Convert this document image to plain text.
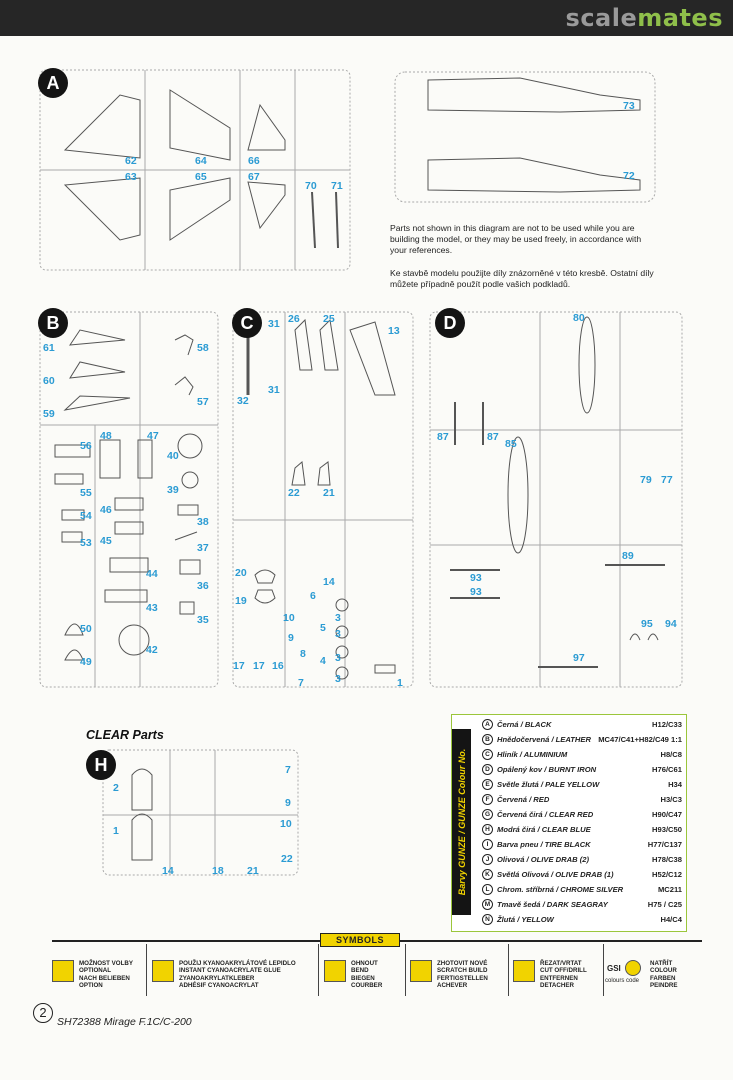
scalemates
A
B	C	D
H
62
63
64
65
66
67
70 71
73
72
Parts not shown in this diagram are not to be used while you are building the model, or they may be used freely, in accordance with your references.
Ke stavbě modelu použijte díly znázorněné v této kresbě. Ostatní díly můžete případně použít podle vašich podkladů.
61
60
59
58
57
56
48	47
40
55	39
54 46
38
53 45
37
44
36
43
35
50
42
49
31 26 25
13
31
32
22 21
20
14
19	6
10
5
9
8
4
3
3
3
3
17 17 16
7	1
80
87	87
85
79 77
89
93
93
95 94
97
CLEAR Parts
7
2
9
10
1
14	18 21
22	Barvy GUNZE / GUNZE Colour No.
A Černá / BLACK	H12/C33
B Hnědočervená / LEATHER MC47/C41+H82/C49 1:1
C Hliník / ALUMINIUM	H8/C8
D Opálený kov / BURNT IRON	H76/C61
E Světle žlutá / PALE YELLOW	H34
F Červená / RED	H3/C3
G Červená čirá / CLEAR RED	H90/C47
H Modrá čirá / CLEAR BLUE	H93/C50
I	Barva pneu / TIRE BLACK	H77/C137
J	Olivová / OLIVE DRAB (2)	H78/C38
K Světlá Olivová / OLIVE DRAB (1)	H52/C12
L Chrom. stříbrná / CHROME SILVER	MC211
M Tmavě šedá / DARK SEAGRAY	H75 / C25
N Žlutá / YELLOW	H4/C4
SYMBOLS
MOŽNOST VOLBY
OPTIONAL
NACH BELIEBEN
OPTION
POUŽIJ KYANOAKRYLÁTOVÉ LEPIDLO
INSTANT CYANOACRYLATE GLUE
ZYANOAKRYLATKLEBER
ADHÉSIF CYANOACRYLAT
OHNOUT
BEND
BIEGEN
COURBER
ZHOTOVIT NOVÉ
SCRATCH BUILD
FERTIGSTELLEN
ACHEVER
ŘEZAT/VRTAT
CUT OFF/DRILL
ENTFERNEN
DETACHER
GSI
colours code
NATŘÍT
COLOUR
FARBEN
PEINDRE
2
SH72388 Mirage F.1C/C-200
